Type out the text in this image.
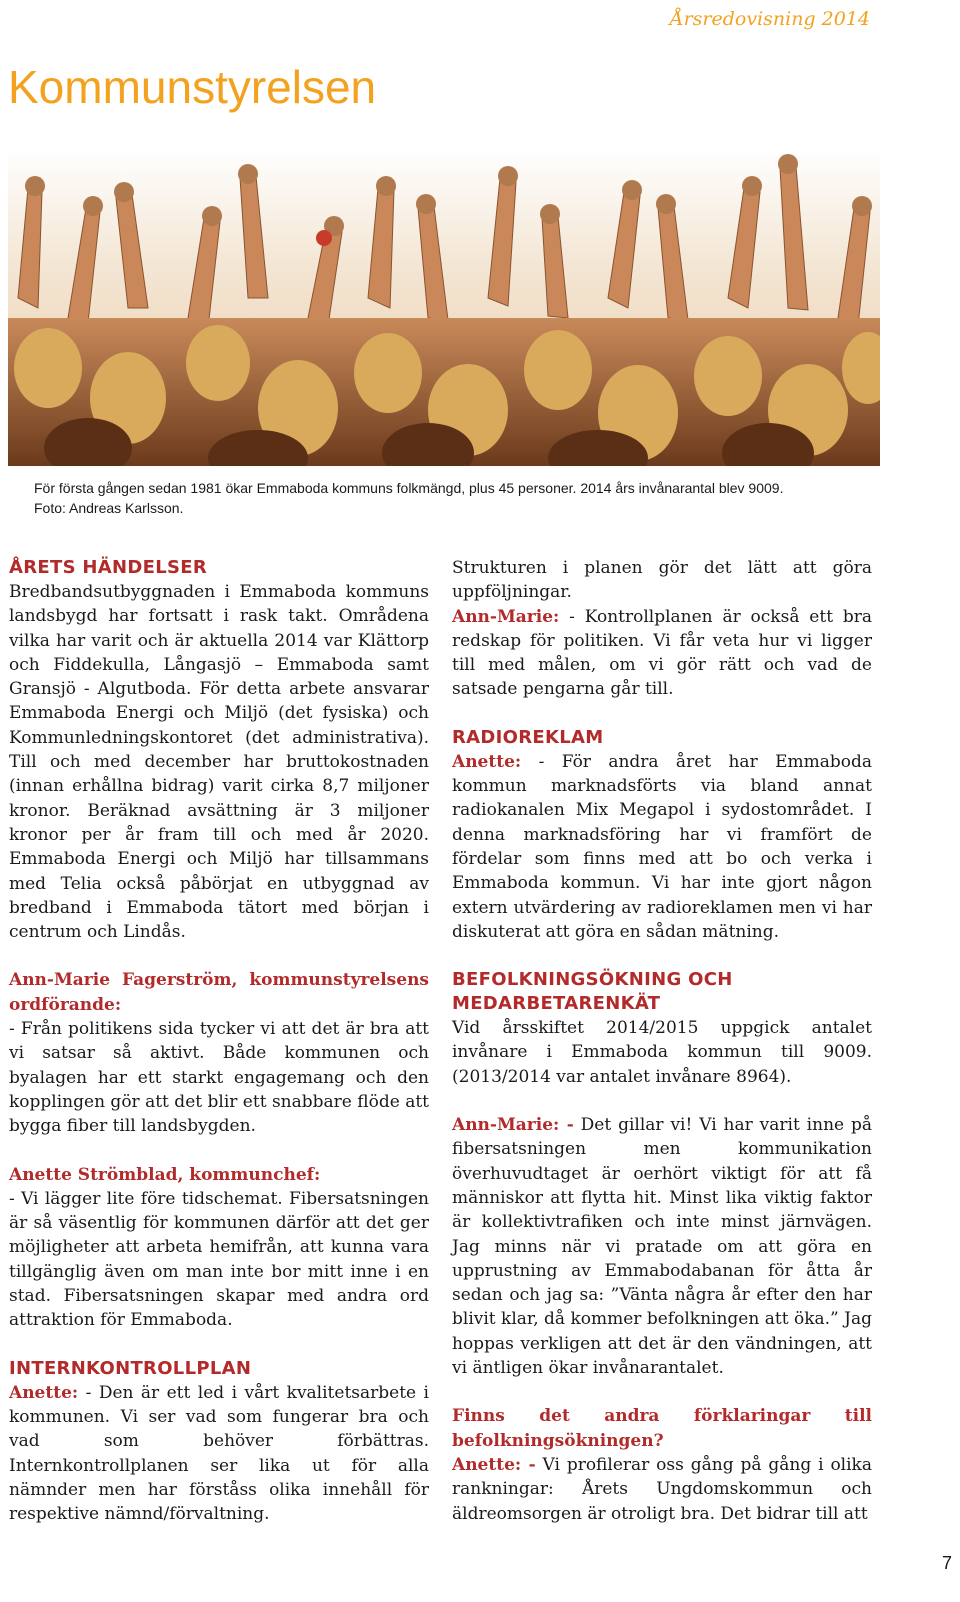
Årsredovisning 2014
Kommunstyrelsen

För första gången sedan 1981 ökar Emmaboda kommuns folkmängd, plus 45 personer. 2014 års invånarantal blev 9009.

Foto: Andreas Karlsson.

ÅRETS HÄNDELSER

Bredbandsutbyggnaden i Emmaboda kommuns landsbygd har fortsatt i rask takt. Områdena vilka har varit och är aktuella 2014 var Klättorp och Fiddekulla, Långasjö – Emmaboda samt Gransjö - Algutboda. För detta arbete ansvarar Emmaboda Energi och Miljö (det fysiska) och Kommunledningskontoret (det administrativa). Till och med december har bruttokostnaden (innan erhållna bidrag) varit cirka 8,7 miljoner kronor. Beräknad avsättning är 3 miljoner kronor per år fram till och med år 2020. Emmaboda Energi och Miljö har tillsammans med Telia också påbörjat en utbyggnad av bredband i Emmaboda tätort med början i centrum och Lindås.

Ann-Marie Fagerström, kommunstyrelsens ordförande:

- Från politikens sida tycker vi att det är bra att vi satsar så aktivt. Både kommunen och byalagen har ett starkt engagemang och den kopplingen gör att det blir ett snabbare flöde att bygga fiber till landsbygden.

Anette Strömblad, kommunchef:

- Vi lägger lite före tidschemat. Fibersatsningen är så väsentlig för kommunen därför att det ger möjligheter att arbeta hemifrån, att kunna vara tillgänglig även om man inte bor mitt inne i en stad. Fibersatsningen skapar med andra ord attraktion för Emmaboda.

INTERNKONTROLLPLAN

Anette: - Den är ett led i vårt kvalitetsarbete i kommunen. Vi ser vad som fungerar bra och vad som behöver förbättras. Internkontrollplanen ser lika ut för alla nämnder men har förståss olika innehåll för respektive nämnd/förvaltning.

Strukturen i planen gör det lätt att göra uppföljningar.

Ann-Marie: - Kontrollplanen är också ett bra redskap för politiken. Vi får veta hur vi ligger till med målen, om vi gör rätt och vad de satsade pengarna går till.

RADIOREKLAM

Anette: - För andra året har Emmaboda kommun marknadsförts via bland annat radiokanalen Mix Megapol i sydostområdet. I denna marknadsföring har vi framfört de fördelar som finns med att bo och verka i Emmaboda kommun. Vi har inte gjort någon extern utvärdering av radioreklamen men vi har diskuterat att göra en sådan mätning.

BEFOLKNINGSÖKNING OCH

MEDARBETARENKÄT

Vid årsskiftet 2014/2015 uppgick antalet invånare i Emmaboda kommun till 9009. (2013/2014 var antalet invånare 8964).

Ann-Marie: - Det gillar vi! Vi har varit inne på fibersatsningen men kommunikation överhuvudtaget är oerhört viktigt för att få människor att flytta hit. Minst lika viktig faktor är kollektivtrafiken och inte minst järnvägen. Jag minns när vi pratade om att göra en upprustning av Emmabodabanan för åtta år sedan och jag sa: ”Vänta några år efter den har blivit klar, då kommer befolkningen att öka.” Jag hoppas verkligen att det är den vändningen, att vi äntligen ökar invånarantalet.

Finns det andra förklaringar till befolkningsökningen?

Anette: - Vi profilerar oss gång på gång i olika rankningar: Årets Ungdomskommun och äldreomsorgen är otroligt bra. Det bidrar till att

7
